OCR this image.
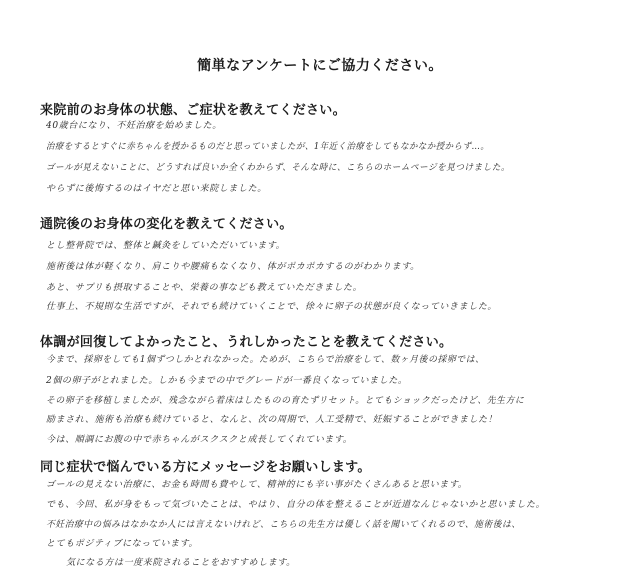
簡単なアンケートにご協力ください。
来院前のお身体の状態、ご症状を教えてください。
40歳台になり、不妊治療を始めました。
治療をするとすぐに赤ちゃんを授かるものだと思っていましたが、1年近く治療をしてもなかなか授からず…。
ゴールが見えないことに、どうすれば良いか全くわからず、そんな時に、こちらのホームページを見つけました。
やらずに後悔するのはイヤだと思い来院しました。
通院後のお身体の変化を教えてください。
とし整骨院では、整体と鍼灸をしていただいています。
施術後は体が軽くなり、肩こりや腰痛もなくなり、体がポカポカするのがわかります。
あと、サプリも摂取することや、栄養の事なども教えていただきました。
仕事上、不規則な生活ですが、それでも続けていくことで、徐々に卵子の状態が良くなっていきました。
体調が回復してよかったこと、うれしかったことを教えてください。
今まで、採卵をしても1個ずつしかとれなかった。ためが、こちらで治療をして、数ヶ月後の採卵では、
2個の卵子がとれました。しかも今までの中でグレードが一番良くなっていました。
その卵子を移植しましたが、残念ながら着床はしたものの育たずリセット。とてもショックだったけど、先生方に
励まされ、施術も治療も続けていると、なんと、次の周期で、人工受精で、妊娠することができました！
今は、順調にお腹の中で赤ちゃんがスクスクと成長してくれています。
同じ症状で悩んでいる方にメッセージをお願いします。
ゴールの見えない治療に、お金も時間も費やして、精神的にも辛い事がたくさんあると思います。
でも、今回、私が身をもって気づいたことは、やはり、自分の体を整えることが近道なんじゃないかと思いました。
不妊治療中の悩みはなかなか人には言えないけれど、こちらの先生方は優しく話を聞いてくれるので、施術後は、
とてもポジティブになっています。
気になる方は一度来院されることをおすすめします。
